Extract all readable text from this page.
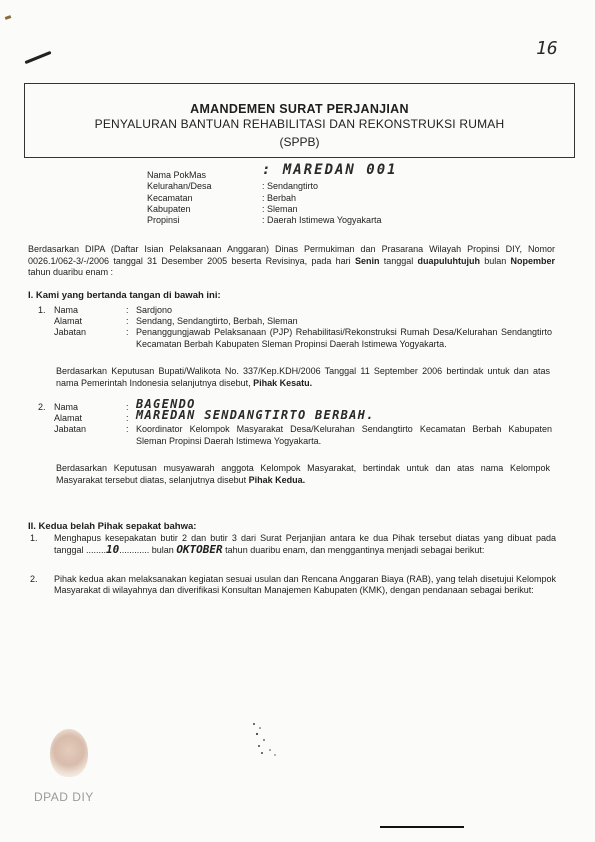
16
AMANDEMEN SURAT PERJANJIAN
PENYALURAN BANTUAN REHABILITASI DAN REKONSTRUKSI RUMAH
(SPPB)
Nama PokMas	: MAREDAN 001
Kelurahan/Desa	: Sendangtirto
Kecamatan	: Berbah
Kabupaten	: Sleman
Propinsi	: Daerah Istimewa Yogyakarta
Berdasarkan DIPA (Daftar Isian Pelaksanaan Anggaran) Dinas Permukiman dan Prasarana Wilayah Propinsi DIY, Nomor 0026.1/062-3/-/2006 tanggal 31 Desember 2005 beserta Revisinya, pada hari Senin tanggal duapuluhtujuh bulan Nopember tahun duaribu enam :
I. Kami yang bertanda tangan di bawah ini:
1. Nama	: Sardjono
Alamat	: Sendang, Sendangtirto, Berbah, Sleman
Jabatan	: Penanggungjawab Pelaksanaan (PJP) Rehabilitasi/Rekonstruksi Rumah Desa/Kelurahan Sendangtirto Kecamatan Berbah Kabupaten Sleman Propinsi Daerah Istimewa Yogyakarta.
Berdasarkan Keputusan Bupati/Walikota No. 337/Kep.KDH/2006 Tanggal 11 September 2006 bertindak untuk dan atas nama Pemerintah Indonesia selanjutnya disebut, Pihak Kesatu.
2. Nama	: BAGENDO
Alamat	: MAREDAN SENDANGTIRTO BERBAH.
Jabatan	: Koordinator Kelompok Masyarakat Desa/Kelurahan Sendangtirto Kecamatan Berbah Kabupaten Sleman Propinsi Daerah Istimewa Yogyakarta.
Berdasarkan Keputusan musyawarah anggota Kelompok Masyarakat, bertindak untuk dan atas nama Kelompok Masyarakat tersebut diatas, selanjutnya disebut Pihak Kedua.
II. Kedua belah Pihak sepakat bahwa:
1.	Menghapus kesepakatan butir 2 dan butir 3 dari Surat Perjanjian antara ke dua Pihak tersebut diatas yang dibuat pada tanggal ........10............ bulan OKTOBER tahun duaribu enam, dan menggantinya menjadi sebagai berikut:
2.	Pihak kedua akan melaksanakan kegiatan sesuai usulan dan Rencana Anggaran Biaya (RAB), yang telah disetujui Kelompok Masyarakat di wilayahnya dan diverifikasi Konsultan Manajemen Kabupaten (KMK), dengan pendanaan sebagai berikut:
DPAD DIY
